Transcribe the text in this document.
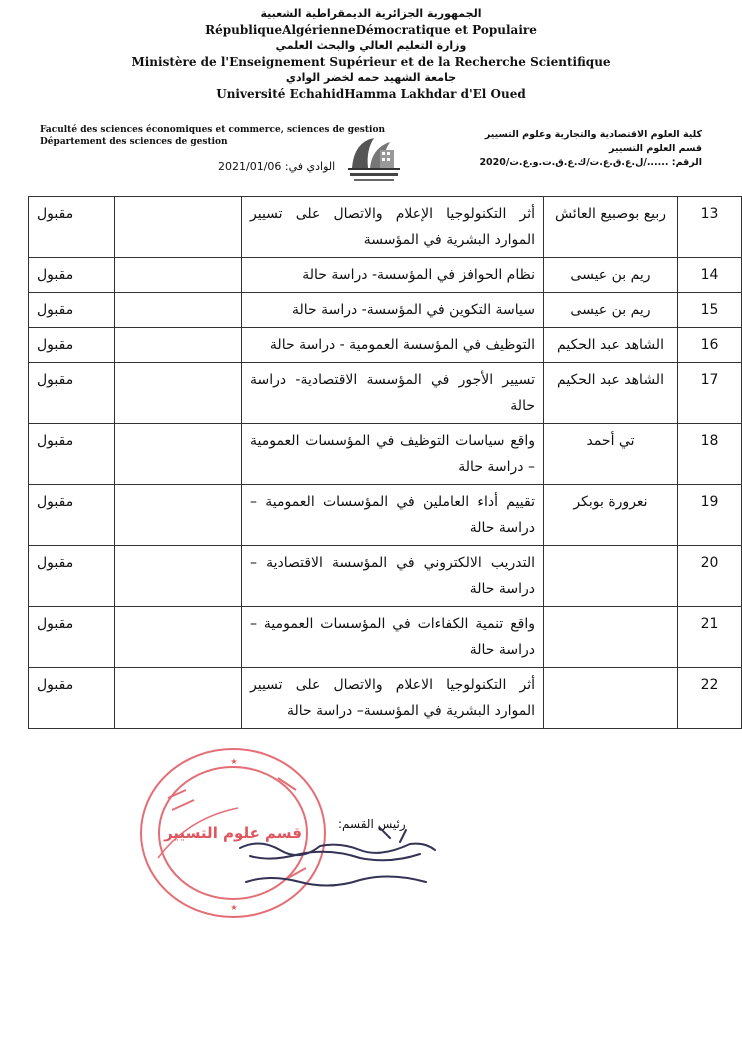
الجمهورية الجزائرية الديمقراطية الشعبية
RépubliqueAlgérienneDémocratique et Populaire
وزارة التعليم العالي والبحث العلمي
Ministère de l'Enseignement Supérieur et de la Recherche Scientifique
جامعة الشهيد حمه لخضر الوادي
Université EchahidHamma Lakhdar d'El Oued
Faculté des sciences économiques et commerce, sciences de gestion
Département des sciences de gestion
الوادي في: 2021/01/06
كلية العلوم الاقتصادية والتجارية وعلوم التسيير
قسم العلوم التسيير
الرقم: ....../ل.ع.ق.ع.ت/ك.ع.ق.ت.و.ع.ت/2020
13	ربيع بوصبيع العائش	أثر التكنولوجيا الإعلام والاتصال على تسيير الموارد البشرية في المؤسسة		مقبول
14	ريم بن عيسى	نظام الحوافز في المؤسسة- دراسة حالة		مقبول
15	ريم بن عيسى	سياسة التكوين في المؤسسة- دراسة حالة		مقبول
16	الشاهد عبد الحكيم	التوظيف في المؤسسة العمومية - دراسة حالة		مقبول
17	الشاهد عبد الحكيم	تسيير الأجور في المؤسسة الاقتصادية- دراسة حالة		مقبول
18	تي أحمد	واقع سياسات التوظيف في المؤسسات العمومية – دراسة حالة		مقبول
19	نعرورة بوبكر	تقييم أداء العاملين في المؤسسات العمومية – دراسة حالة		مقبول
20		التدريب الالكتروني في المؤسسة الاقتصادية – دراسة حالة		مقبول
21		واقع تنمية الكفاءات في المؤسسات العمومية – دراسة حالة		مقبول
22		أثر التكنولوجيا الاعلام والاتصال على تسيير الموارد البشرية في المؤسسة– دراسة حالة		مقبول
رئيس القسم:
قسم علوم التسيير
★
★
